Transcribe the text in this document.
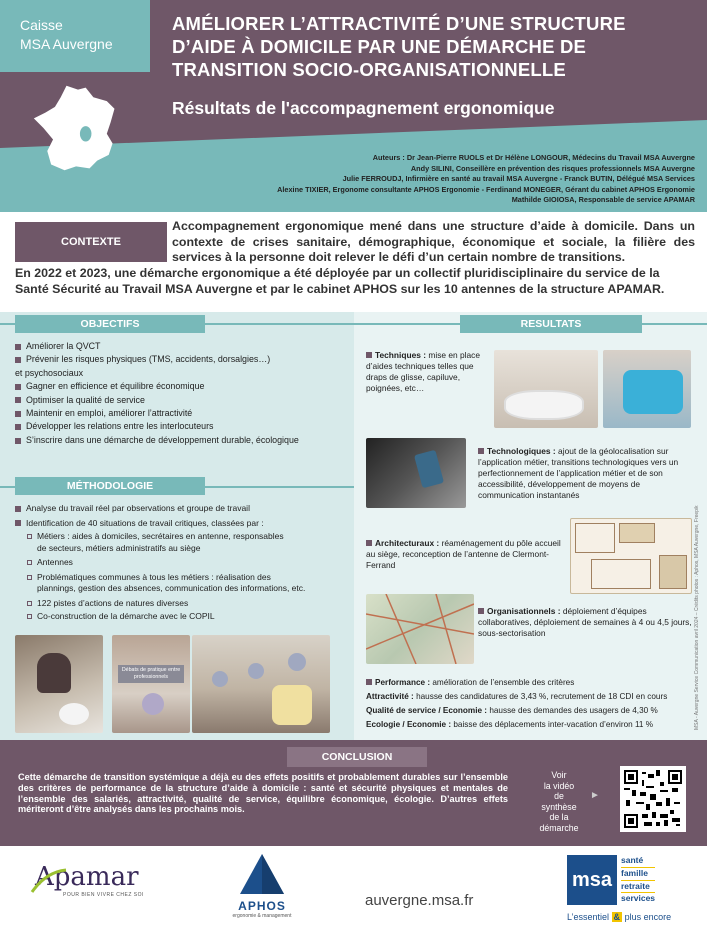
Caisse
MSA Auvergne
AMÉLIORER L’ATTRACTIVITÉ D’UNE STRUCTURE
D’AIDE À DOMICILE PAR UNE DÉMARCHE DE
TRANSITION SOCIO-ORGANISATIONNELLE
Résultats de l'accompagnement ergonomique
Auteurs : Dr Jean-Pierre RUOLS et Dr Hélène LONGOUR, Médecins du Travail MSA Auvergne
Andy SILINI, Conseillère en prévention des risques professionnels MSA Auvergne
Julie FERROUDJ, Infirmière en santé au travail MSA Auvergne - Franck BUTIN, Délégué MSA Services
Alexine TIXIER, Ergonome consultante APHOS Ergonomie - Ferdinand MONEGER, Gérant du cabinet APHOS Ergonomie
Mathilde GIOIOSA, Responsable de service APAMAR
CONTEXTE
Accompagnement ergonomique mené dans une structure d’aide à domicile. Dans un contexte de crises sanitaire, démographique, économique et sociale, la filière des services à la personne doit relever le défi d’un certain nombre de transitions.
En 2022 et 2023, une démarche ergonomique a été déployée par un collectif pluridisciplinaire du service de la Santé Sécurité au Travail MSA Auvergne et par le cabinet APHOS sur les 10 antennes de la structure APAMAR.
OBJECTIFS
Améliorer la QVCT
Prévenir les risques physiques (TMS, accidents, dorsalgies…)
et psychosociaux
Gagner en efficience et équilibre économique
Optimiser la qualité de service
Maintenir en emploi, améliorer l’attractivité
Développer les relations entre les interlocuteurs
S’inscrire dans une démarche de développement durable, écologique
MÉTHODOLOGIE
Analyse du travail réel par observations et groupe de travail
Identification de 40 situations de travail critiques, classées par :
Métiers : aides à domiciles, secrétaires en antenne, responsables
de secteurs, métiers administratifs au siège
Antennes
Problématiques communes à tous les métiers : réalisation des
plannings, gestion des absences, communication des informations, etc.
122 pistes d’actions de natures diverses
Co-construction de la démarche avec le COPIL
Débats de pratique entre professionnels
RESULTATS
Techniques : mise en place d’aides techniques telles que draps de glisse, capiluve, poignées, etc…
Technologiques : ajout de la géolocalisation sur l’application métier, transitions technologiques vers un perfectionnement de l’application métier et de son accessibilité, développement de moyens de communication instantanés
Architecturaux : réaménagement du pôle accueil au siège, reconception de l’antenne de Clermont-Ferrand
Organisationnels : déploiement d’équipes collaboratives, déploiement de semaines à 4 ou 4,5 jours, sous-sectorisation
Performance : amélioration de l’ensemble des critères
Attractivité : hausse des candidatures de 3,43 %, recrutement de 18 CDI en cours
Qualité de service / Economie : hausse des demandes des usagers de 4,30 %
Ecologie / Economie : baisse des déplacements inter-vacation d’environ 11 %	MSA - Auvergne Service Communication avril 2024 – Crédits photos : Aphos, MSA Auvergne, Freepik
CONCLUSION
Cette démarche de transition systémique a déjà eu des effets positifs et probablement durables sur l’ensemble des critères de performance de la structure d’aide à domicile : santé et sécurité physiques et mentales de l’ensemble des salariés, attractivité, qualité de service, équilibre économique, écologie. D’autres effets mériteront d’être analysés dans les prochains mois.
Voir
la vidéo
de
synthèse
de la
démarche
►
Apamar
POUR BIEN VIVRE CHEZ SOI
APHOS
ergonomie & management
auvergne.msa.fr
msa
santé
famille
retraite
services
L’essentiel & plus encore
